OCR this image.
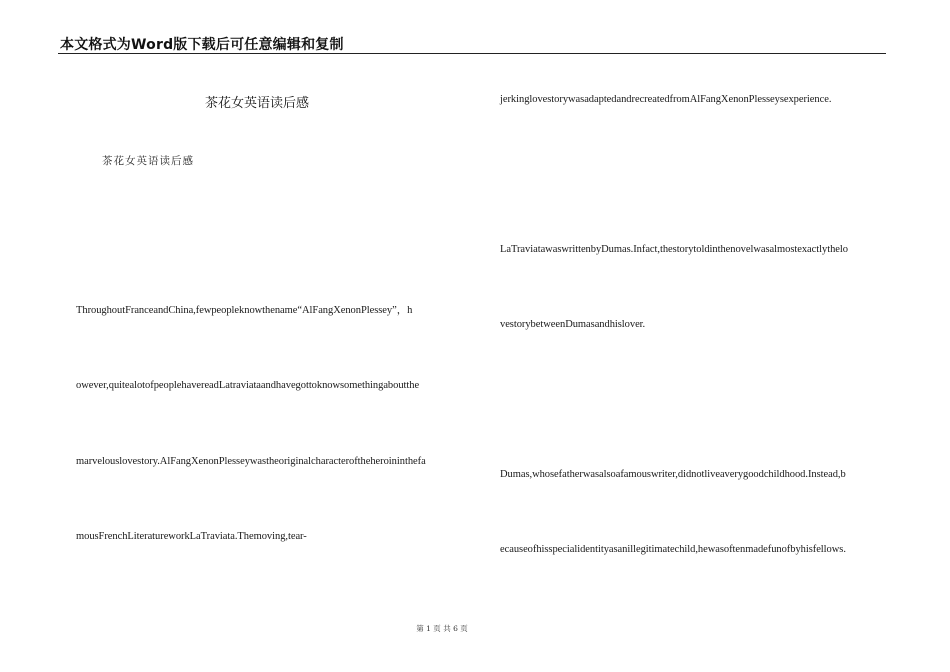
本文格式为Word版下载后可任意编辑和复制
茶花女英语读后感
茶花女英语读后感
ThroughoutFranceandChina,fewpeopleknowthename“AlFangXenonPlessey”，h
owever,quitealotofpeoplehavereadLatraviataandhavegottoknowsomethingaboutthe
marvelouslovestory.AlFangXenonPlesseywastheoriginalcharacteroftheheroininthefa
mousFrenchLiteratureworkLaTraviata.Themoving,tear-
jerkinglovestorywasadaptedandrecreatedfromAlFangXenonPlesseysexperience.
LaTraviatawaswrittenbyDumas.Infact,thestorytoldinthenovelwasalmostexactlythelo
vestorybetweenDumasandhislover.
Dumas,whosefatherwasalsoafamouswriter,didnotliveaverygoodchildhood.Instead,b
ecauseofhisspecialidentityasanillegitimatechild,hewasoftenmadefunofbyhisfellows.
第 1 页 共 6 页
